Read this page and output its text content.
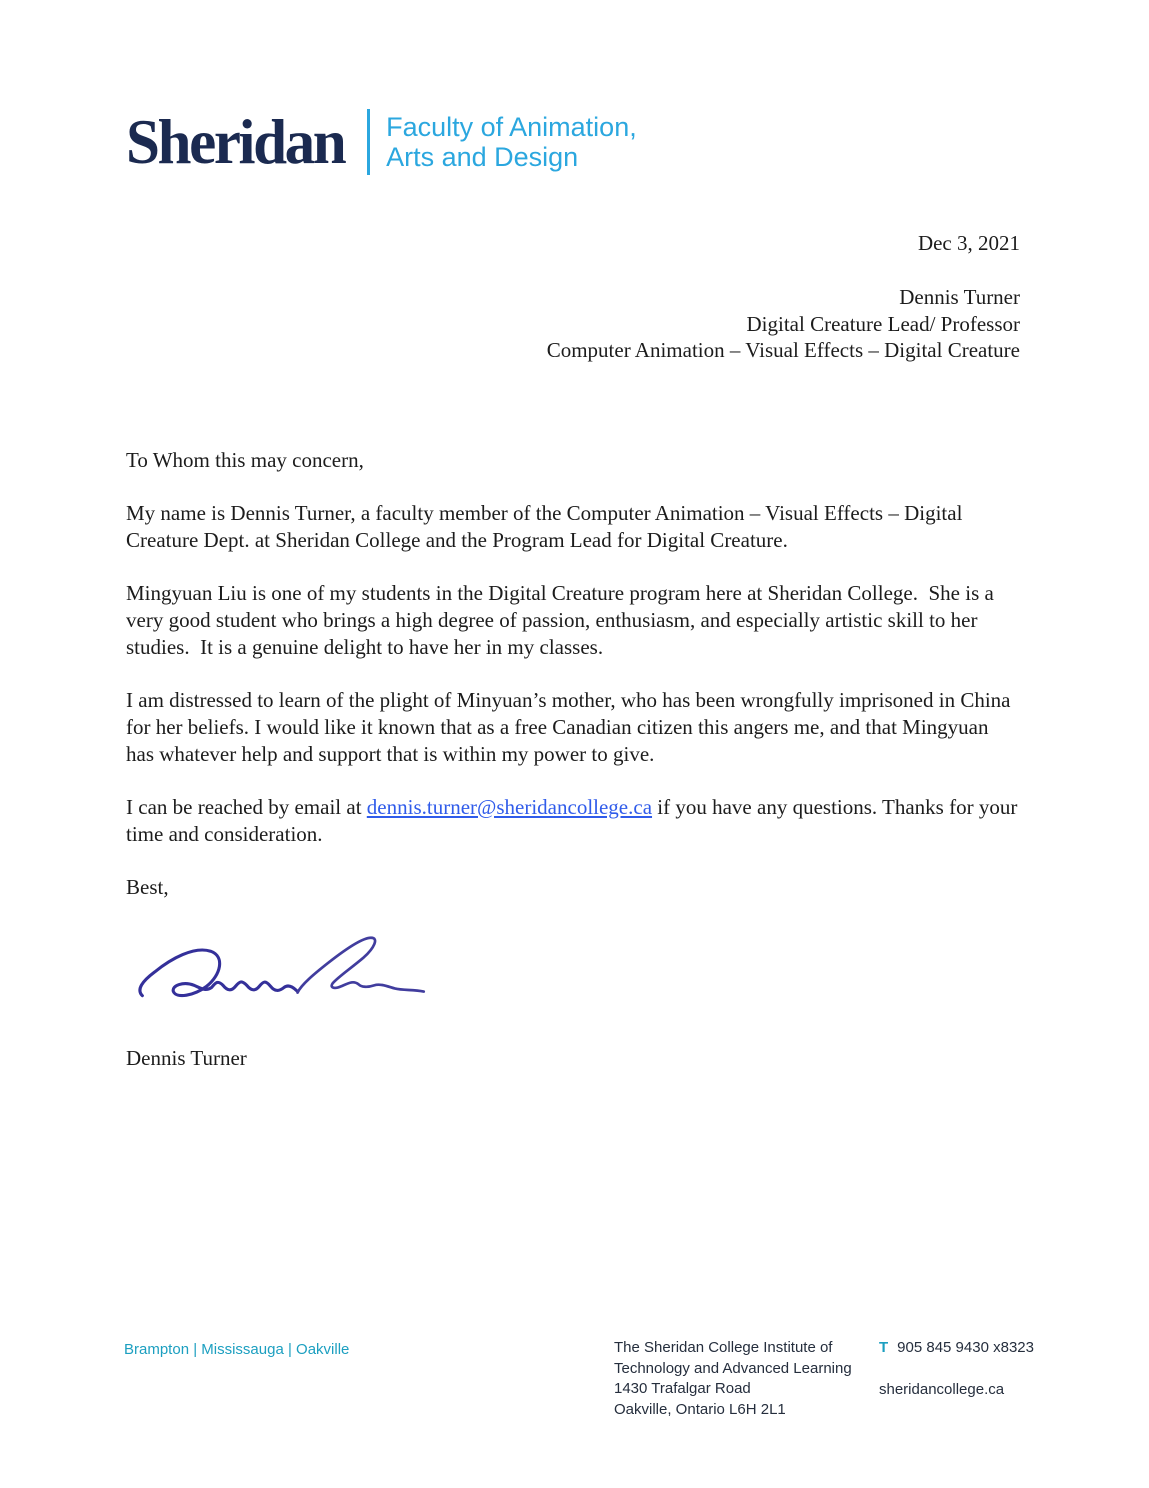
Sheridan Faculty of Animation,
Arts and Design
Dec 3, 2021
Dennis Turner
Digital Creature Lead/ Professor
Computer Animation – Visual Effects – Digital Creature

To Whom this may concern,

My name is Dennis Turner, a faculty member of the Computer Animation – Visual Effects – Digital Creature Dept. at Sheridan College and the Program Lead for Digital Creature.

Mingyuan Liu is one of my students in the Digital Creature program here at Sheridan College.  She is a very good student who brings a high degree of passion, enthusiasm, and especially artistic skill to her studies.  It is a genuine delight to have her in my classes.

I am distressed to learn of the plight of Minyuan’s mother, who has been wrongfully imprisoned in China for her beliefs. I would like it known that as a free Canadian citizen this angers me, and that Mingyuan has whatever help and support that is within my power to give.

I can be reached by email at dennis.turner@sheridancollege.ca if you have any questions. Thanks for your time and consideration.

Best,

Dennis Turner

Brampton | Mississauga | Oakville	The Sheridan College Institute of
Technology and Advanced Learning
1430 Trafalgar Road
Oakville, Ontario L6H 2L1
T 905 845 9430 x8323
sheridancollege.ca
